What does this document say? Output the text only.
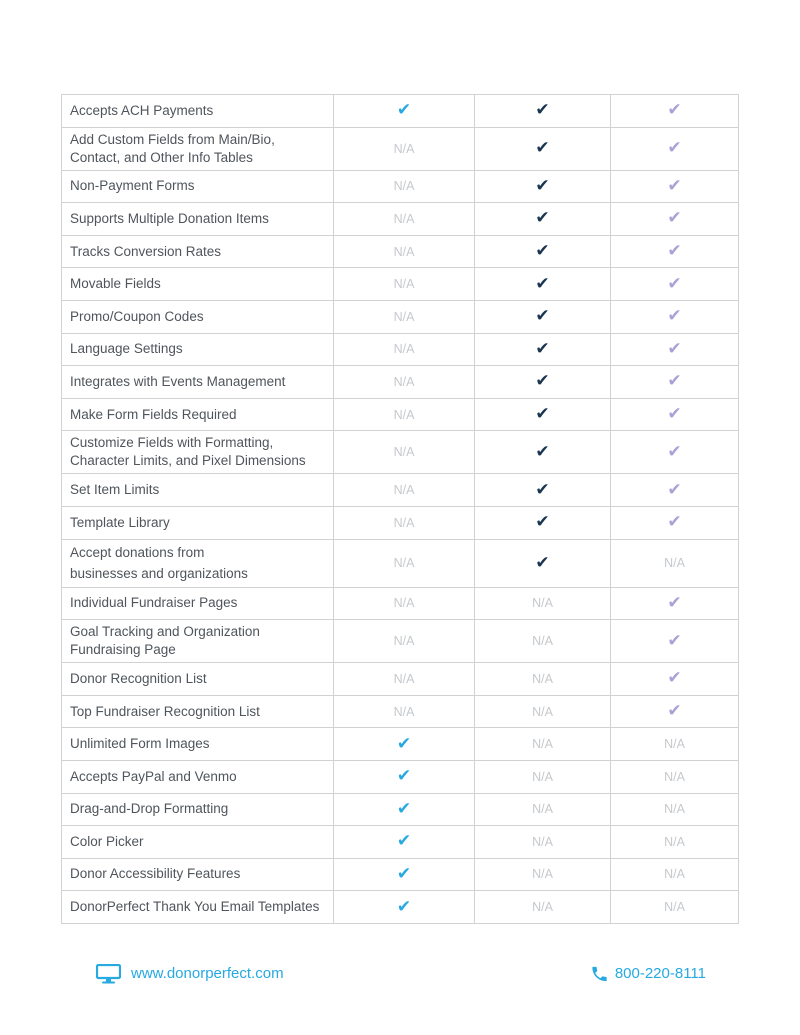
Accepts ACH Payments	✔	✔	✔

Add Custom Fields from Main/Bio,
Contact, and Other Info Tables	N/A	✔	✔
Non-Payment Forms	N/A	✔	✔
Supports Multiple Donation Items	N/A	✔	✔
Tracks Conversion Rates	N/A	✔	✔
Movable Fields	N/A	✔	✔
Promo/Coupon Codes	N/A	✔	✔
Language Settings	N/A	✔	✔
Integrates with Events Management	N/A	✔	✔
Make Form Fields Required	N/A	✔	✔

Customize Fields with Formatting,
Character Limits, and Pixel Dimensions	N/A	✔	✔
Set Item Limits	N/A	✔	✔
Template Library	N/A	✔	✔

Accept donations from
businesses and organizations	N/A	✔	N/A
Individual Fundraiser Pages	N/A	N/A	✔

Goal Tracking and Organization
Fundraising Page	N/A	N/A	✔
Donor Recognition List	N/A	N/A	✔
Top Fundraiser Recognition List	N/A	N/A	✔
Unlimited Form Images	✔	N/A	N/A
Accepts PayPal and Venmo	✔	N/A	N/A
Drag-and-Drop Formatting	✔	N/A	N/A
Color Picker	✔	N/A	N/A
Donor Accessibility Features	✔	N/A	N/A
DonorPerfect Thank You Email Templates	✔	N/A	N/A
www.donorperfect.com	800-220-8111
